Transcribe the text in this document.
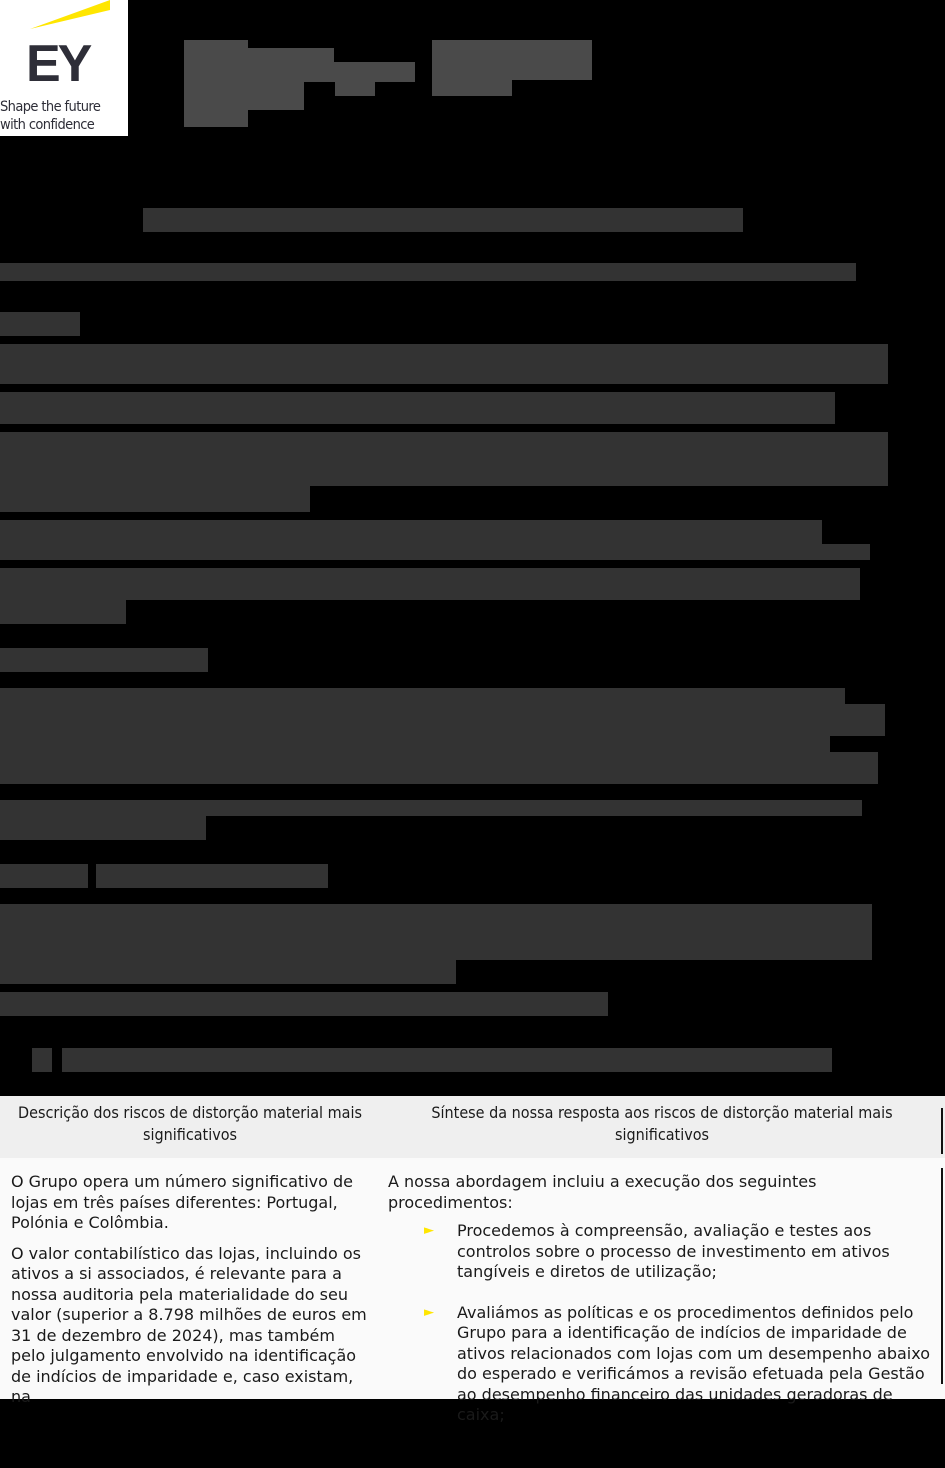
EY
Shape the future
with confidence
Descrição dos riscos de distorção material mais significativos
Síntese da nossa resposta aos riscos de distorção material mais significativos

O Grupo opera um número significativo de lojas em três países diferentes: Portugal, Polónia e Colômbia.

O valor contabilístico das lojas, incluindo os ativos a si associados, é relevante para a nossa auditoria pela materialidade do seu valor (superior a 8.798 milhões de euros em 31 de dezembro de 2024), mas também pelo julgamento envolvido na identificação de indícios de imparidade e, caso existam, na

A nossa abordagem incluiu a execução dos seguintes procedimentos:
► Procedemos à compreensão, avaliação e testes aos controlos sobre o processo de investimento em ativos tangíveis e diretos de utilização;
► Avaliámos as políticas e os procedimentos definidos pelo Grupo para a identificação de indícios de imparidade de ativos relacionados com lojas com um desempenho abaixo do esperado e verificámos a revisão efetuada pela Gestão ao desempenho financeiro das unidades geradoras de caixa;
